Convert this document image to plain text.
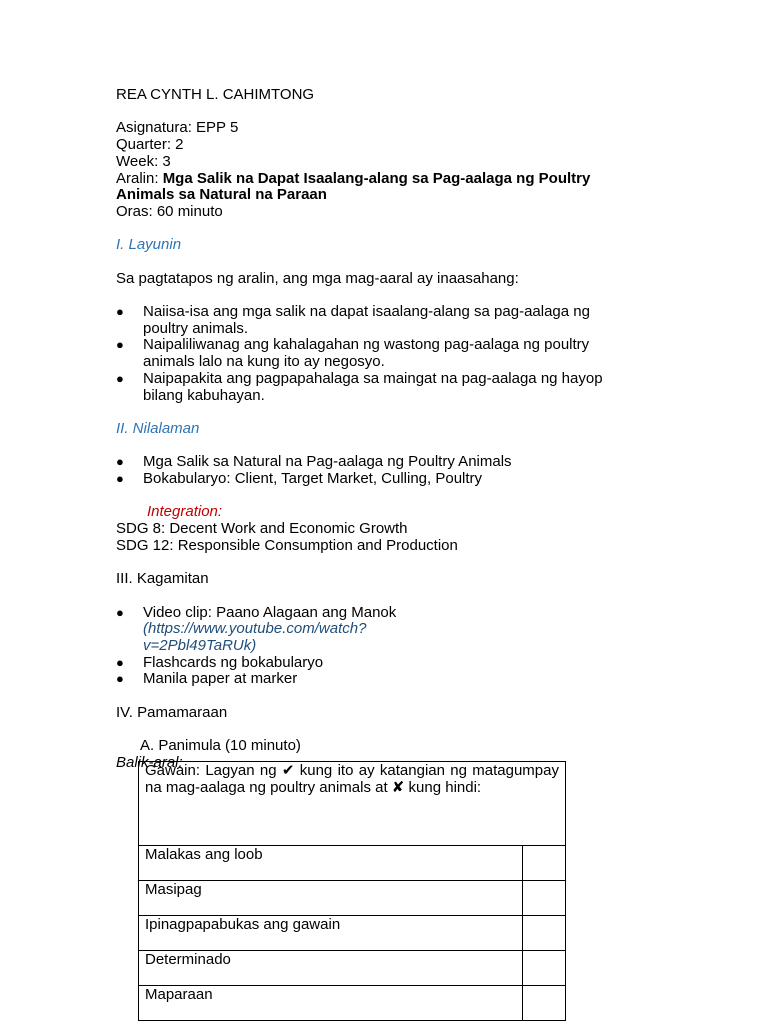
REA CYNTH L. CAHIMTONG

Asignatura: EPP 5

Quarter: 2

Week: 3

Aralin: Mga Salik na Dapat Isaalang-alang sa Pag-aalaga ng Poultry Animals sa Natural na Paraan

Oras: 60 minuto

I. Layunin

Sa pagtatapos ng aralin, ang mga mag-aaral ay inaasahang:

● Naiisa-isa ang mga salik na dapat isaalang-alang sa pag-aalaga ng poultry animals.
● Naipaliliwanag ang kahalagahan ng wastong pag-aalaga ng poultry animals lalo na kung ito ay negosyo.
● Naipapakita ang pagpapahalaga sa maingat na pag-aalaga ng hayop bilang kabuhayan.

II. Nilalaman

● Mga Salik sa Natural na Pag-aalaga ng Poultry Animals
● Bokabularyo: Client, Target Market, Culling, Poultry

Integration:

SDG 8: Decent Work and Economic Growth

SDG 12: Responsible Consumption and Production

III. Kagamitan

● Video clip: Paano Alagaan ang Manok (https://www.youtube.com/watch?
v=2Pbl49TaRUk)
● Flashcards ng bokabularyo
● Manila paper at marker

IV. Pamamaraan

A. Panimula (10 minuto)

Balik-aral:

Gawain: Lagyan ng ✔ kung ito ay katangian ng matagumpay na mag-aalaga ng poultry animals at ✘ kung hindi:	
Malakas ang loob	
Masipag	
Ipinagpapabukas ang gawain	
Determinado	
Maparaan	
